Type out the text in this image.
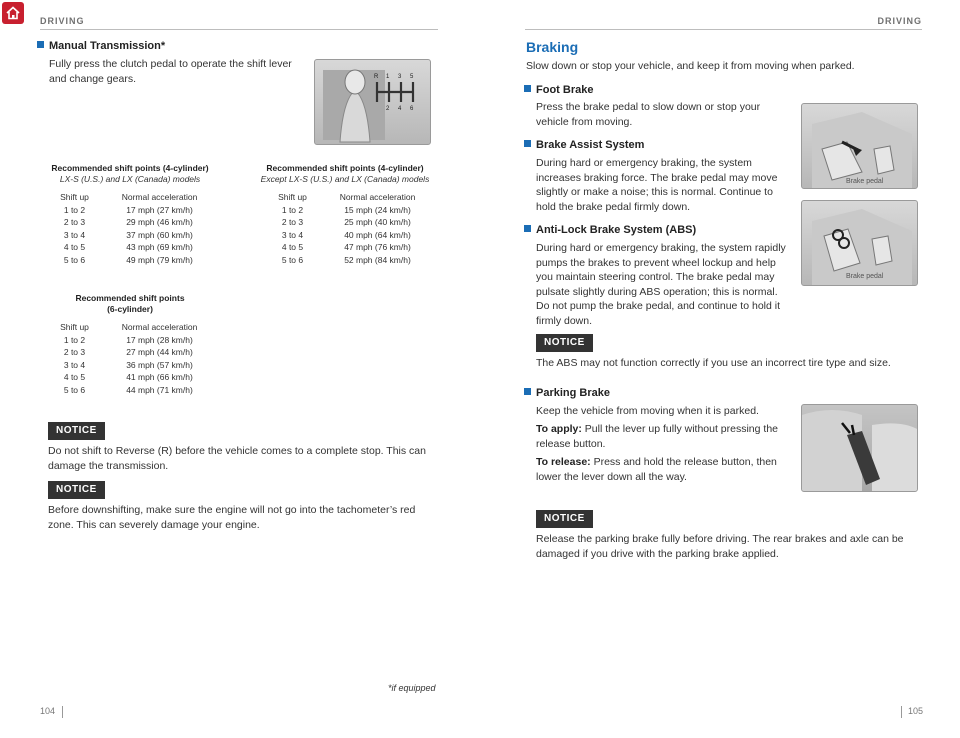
DRIVING
Manual Transmission*
Fully press the clutch pedal to operate the shift lever and change gears.	R 1 3 5
2 4 6
Recommended shift points (4-cylinder)
LX-S (U.S.) and LX (Canada) models
Shift up	Normal acceleration
1 to 2	17 mph (27 km/h)
2 to 3	29 mph (46 km/h)
3 to 4	37 mph (60 km/h)
4 to 5	43 mph (69 km/h)
5 to 6	49 mph (79 km/h)
Recommended shift points (4-cylinder)
Except LX-S (U.S.) and LX (Canada) models
Shift up	Normal acceleration
1 to 2	15 mph (24 km/h)
2 to 3	25 mph (40 km/h)
3 to 4	40 mph (64 km/h)
4 to 5	47 mph (76 km/h)
5 to 6	52 mph (84 km/h)
Recommended shift points
(6-cylinder)
Shift up	Normal acceleration
1 to 2	17 mph (28 km/h)
2 to 3	27 mph (44 km/h)
3 to 4	36 mph (57 km/h)
4 to 5	41 mph (66 km/h)
5 to 6	44 mph (71 km/h)
NOTICE
Do not shift to Reverse (R) before the vehicle comes to a complete stop. This can damage the transmission.
NOTICE
Before downshifting, make sure the engine will not go into the tachometer’s red zone. This can severely damage your engine.
*if equipped
104
DRIVING
Braking
Slow down or stop your vehicle, and keep it from moving when parked.
Foot Brake
Press the brake pedal to slow down or stop your vehicle from moving.
Brake Assist System
During hard or emergency braking, the system increases braking force. The brake pedal may move slightly or make a noise; this is normal. Continue to hold the brake pedal firmly down.
Anti-Lock Brake System (ABS)
During hard or emergency braking, the system rapidly pumps the brakes to prevent wheel lockup and help you maintain steering control. The brake pedal may pulsate slightly during ABS operation; this is normal. Do not pump the brake pedal, and continue to hold it firmly down.
Brake pedal
Brake pedal
NOTICE
The ABS may not function correctly if you use an incorrect tire type and size.
Parking Brake
Keep the vehicle from moving when it is parked.
To apply: Pull the lever up fully without pressing the release button.
To release: Press and hold the release button, then lower the lever down all the way.
NOTICE
Release the parking brake fully before driving. The rear brakes and axle can be damaged if you drive with the parking brake applied.
105
